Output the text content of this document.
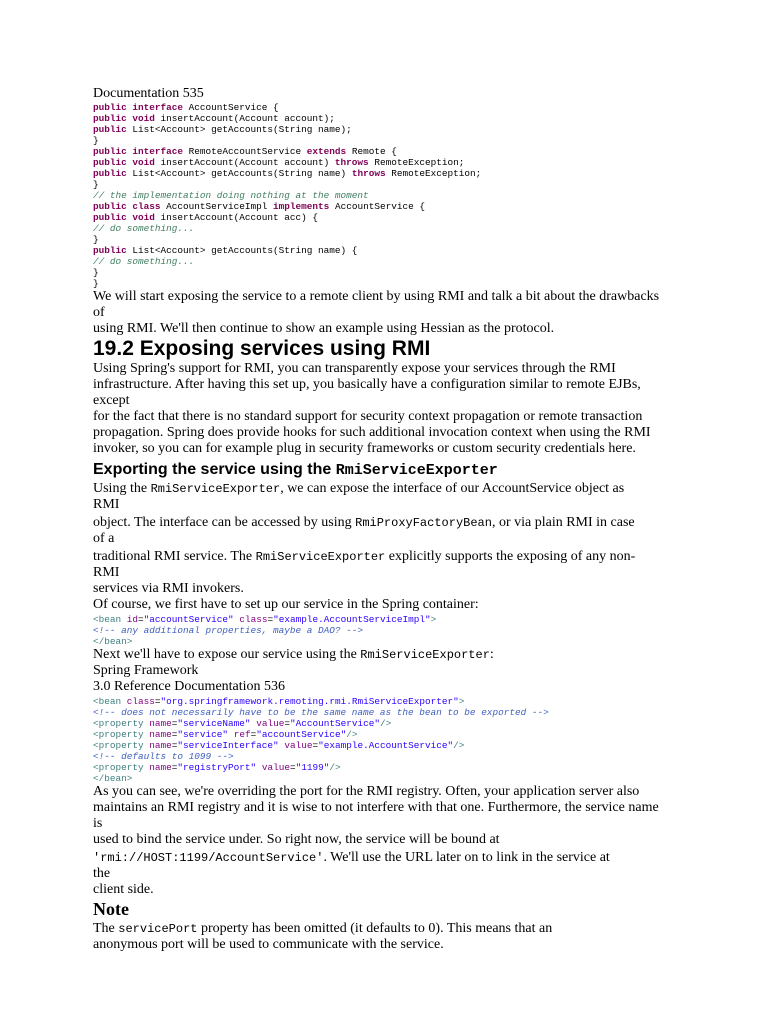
Documentation 535

public interface AccountService {
public void insertAccount(Account account);
public List<Account> getAccounts(String name);
}
public interface RemoteAccountService extends Remote {
public void insertAccount(Account account) throws RemoteException;
public List<Account> getAccounts(String name) throws RemoteException;
}
// the implementation doing nothing at the moment
public class AccountServiceImpl implements AccountService {
public void insertAccount(Account acc) {
// do something...
}
public List<Account> getAccounts(String name) {
// do something...
}
}

We will start exposing the service to a remote client by using RMI and talk a bit about the drawbacks

of

using RMI. We'll then continue to show an example using Hessian as the protocol.

19.2 Exposing services using RMI

Using Spring's support for RMI, you can transparently expose your services through the RMI

infrastructure. After having this set up, you basically have a configuration similar to remote EJBs,

except

for the fact that there is no standard support for security context propagation or remote transaction

propagation. Spring does provide hooks for such additional invocation context when using the RMI

invoker, so you can for example plug in security frameworks or custom security credentials here.

Exporting the service using the RmiServiceExporter

Using the RmiServiceExporter, we can expose the interface of our AccountService object as

RMI

object. The interface can be accessed by using RmiProxyFactoryBean, or via plain RMI in case

of a

traditional RMI service. The RmiServiceExporter explicitly supports the exposing of any non-

RMI

services via RMI invokers.

Of course, we first have to set up our service in the Spring container:

<bean id="accountService" class="example.AccountServiceImpl">
<!-- any additional properties, maybe a DAO? -->
</bean>

Next we'll have to expose our service using the RmiServiceExporter:

Spring Framework

3.0 Reference Documentation 536

<bean class="org.springframework.remoting.rmi.RmiServiceExporter">
<!-- does not necessarily have to be the same name as the bean to be exported -->
<property name="serviceName" value="AccountService"/>
<property name="service" ref="accountService"/>
<property name="serviceInterface" value="example.AccountService"/>
<!-- defaults to 1099 -->
<property name="registryPort" value="1199"/>
</bean>

As you can see, we're overriding the port for the RMI registry. Often, your application server also

maintains an RMI registry and it is wise to not interfere with that one. Furthermore, the service name

is

used to bind the service under. So right now, the service will be bound at

'rmi://HOST:1199/AccountService'. We'll use the URL later on to link in the service at

the

client side.

Note

The servicePort property has been omitted (it defaults to 0). This means that an

anonymous port will be used to communicate with the service.
